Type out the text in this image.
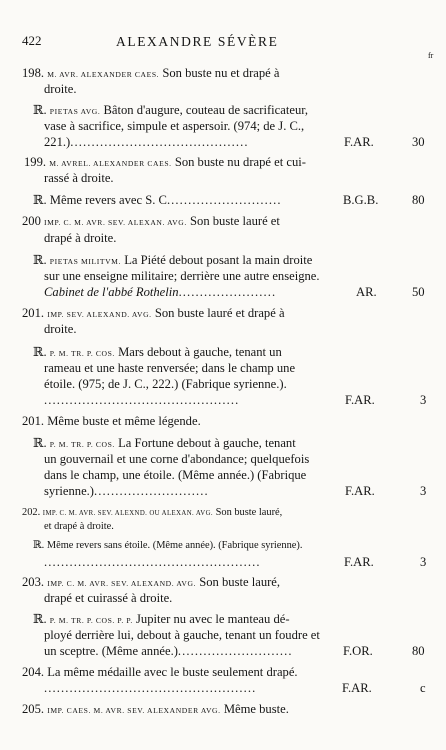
422	ALEXANDRE SÉVÈRE
fr
198. M. AVR. ALEXANDER CAES. Son buste nu et drapé à
droite.
ℝ. PIETAS AVG. Bâton d'augure, couteau de sacrificateur,
vase à sacrifice, simpule et aspersoir. (974; de J. C.,
221.)..........................................	F.AR.	30
199. M. AVREL. ALEXANDER CAES. Son buste nu drapé et cui-
rassé à droite.
ℝ. Même revers avec S. C...........................	B.G.B.	80
200 IMP. C. M. AVR. SEV. ALEXAN. AVG. Son buste lauré et
drapé à droite.
ℝ. PIETAS MILITVM. La Piété debout posant la main droite
sur une enseigne militaire; derrière une autre enseigne.
Cabinet de l'abbé Rothelin.......................	AR.	50
201. IMP. SEV. ALEXAND. AVG. Son buste lauré et drapé à
droite.
ℝ. P. M. TR. P. COS. Mars debout à gauche, tenant un
rameau et une haste renversée; dans le champ une
étoile. (975; de J. C., 222.) (Fabrique syrienne.).
..............................................	F.AR.	3
201. Même buste et même légende.
ℝ. P. M. TR. P. COS. La Fortune debout à gauche, tenant
un gouvernail et une corne d'abondance; quelquefois
dans le champ, une étoile. (Même année.) (Fabrique
syrienne.)...........................	F.AR.	3
202. IMP. C. M. AVR. SEV. ALEXND. OU ALEXAN. AVG. Son buste lauré,
et drapé à droite.
ℝ. Même revers sans étoile. (Même année). (Fabrique syrienne).
...................................................	F.AR.	3
203. IMP. C. M. AVR. SEV. ALEXAND. AVG. Son buste lauré,
drapé et cuirassé à droite.
ℝ. P. M. TR. P. COS. P. P. Jupiter nu avec le manteau dé-
ployé derrière lui, debout à gauche, tenant un foudre et
un sceptre. (Même année.)...........................	F.OR.	80
204. La même médaille avec le buste seulement drapé.
..................................................	F.AR.	c
205. IMP. CAES. M. AVR. SEV. ALEXANDER AVG. Même buste.
